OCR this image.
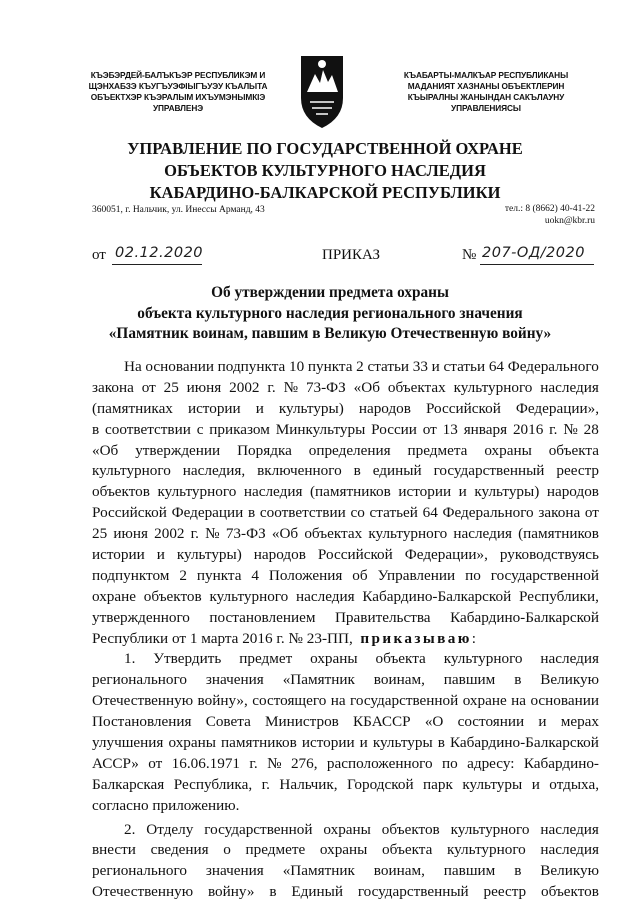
КЪЭБЭРДЕЙ-БАЛЪКЪЭР РЕСПУБЛИКЭМ И
ЩЭНХАБЗЭ КЪУГЪУЭФІЫГЪУЭУ КЪАЛЫТА
ОБЪЕКТХЭР КЪЭРАЛЫМ ИХЪУМЭНЫМКІЭ
УПРАВЛЕНЭ
КЪАБАРТЫ-МАЛКЪАР РЕСПУБЛИКАНЫ
МАДАНИЯТ ХАЗНАНЫ ОБЪЕКТЛЕРИН
КЪЫРАЛНЫ ЖАНЫНДАН САКЪЛАУНУ
УПРАВЛЕНИЯСЫ
УПРАВЛЕНИЕ ПО ГОСУДАРСТВЕННОЙ ОХРАНЕ
ОБЪЕКТОВ КУЛЬТУРНОГО НАСЛЕДИЯ
КАБАРДИНО-БАЛКАРСКОЙ РЕСПУБЛИКИ
360051, г. Нальчик, ул. Инессы Арманд, 43	тел.: 8 (8662) 40-41-22
uokn@kbr.ru
от 02.12.2020	ПРИКАЗ	№ 207-ОД/2020
Об утверждении предмета охраны
объекта культурного наследия регионального значения
«Памятник воинам, павшим в Великую Отечественную войну»
На основании подпункта 10 пункта 2 статьи 33 и статьи 64 Федерального
закона от 25 июня 2002 г. № 73-ФЗ «Об объектах культурного наследия
(памятниках истории и культуры) народов Российской Федерации»,
в соответствии с приказом Минкультуры России от 13 января 2016 г. № 28
«Об утверждении Порядка определения предмета охраны объекта
культурного наследия, включенного в единый государственный реестр
объектов культурного наследия (памятников истории и культуры) народов
Российской Федерации в соответствии со статьей 64 Федерального закона от
25 июня 2002 г. № 73-ФЗ «Об объектах культурного наследия (памятников
истории и культуры) народов Российской Федерации», руководствуясь
подпунктом 2 пункта 4 Положения об Управлении по государственной
охране объектов культурного наследия Кабардино-Балкарской Республики,
утвержденного постановлением Правительства Кабардино-Балкарской
Республики от 1 марта 2016 г. № 23-ПП,
приказываю :
1. Утвердить предмет охраны объекта культурного наследия
регионального значения «Памятник воинам, павшим в Великую
Отечественную войну», состоящего на государственной охране на основании
Постановления Совета Министров КБАССР «О состоянии и мерах
улучшения охраны памятников истории и культуры в Кабардино-Балкарской
АССР» от 16.06.1971 г. № 276, расположенного по адресу: Кабардино-
Балкарская Республика, г. Нальчик, Городской парк культуры и отдыха,
согласно приложению.
2. Отделу государственной охраны объектов культурного наследия
внести сведения о предмете охраны объекта культурного наследия
регионального значения «Памятник воинам, павшим в Великую
Отечественную войну» в Единый государственный реестр объектов
